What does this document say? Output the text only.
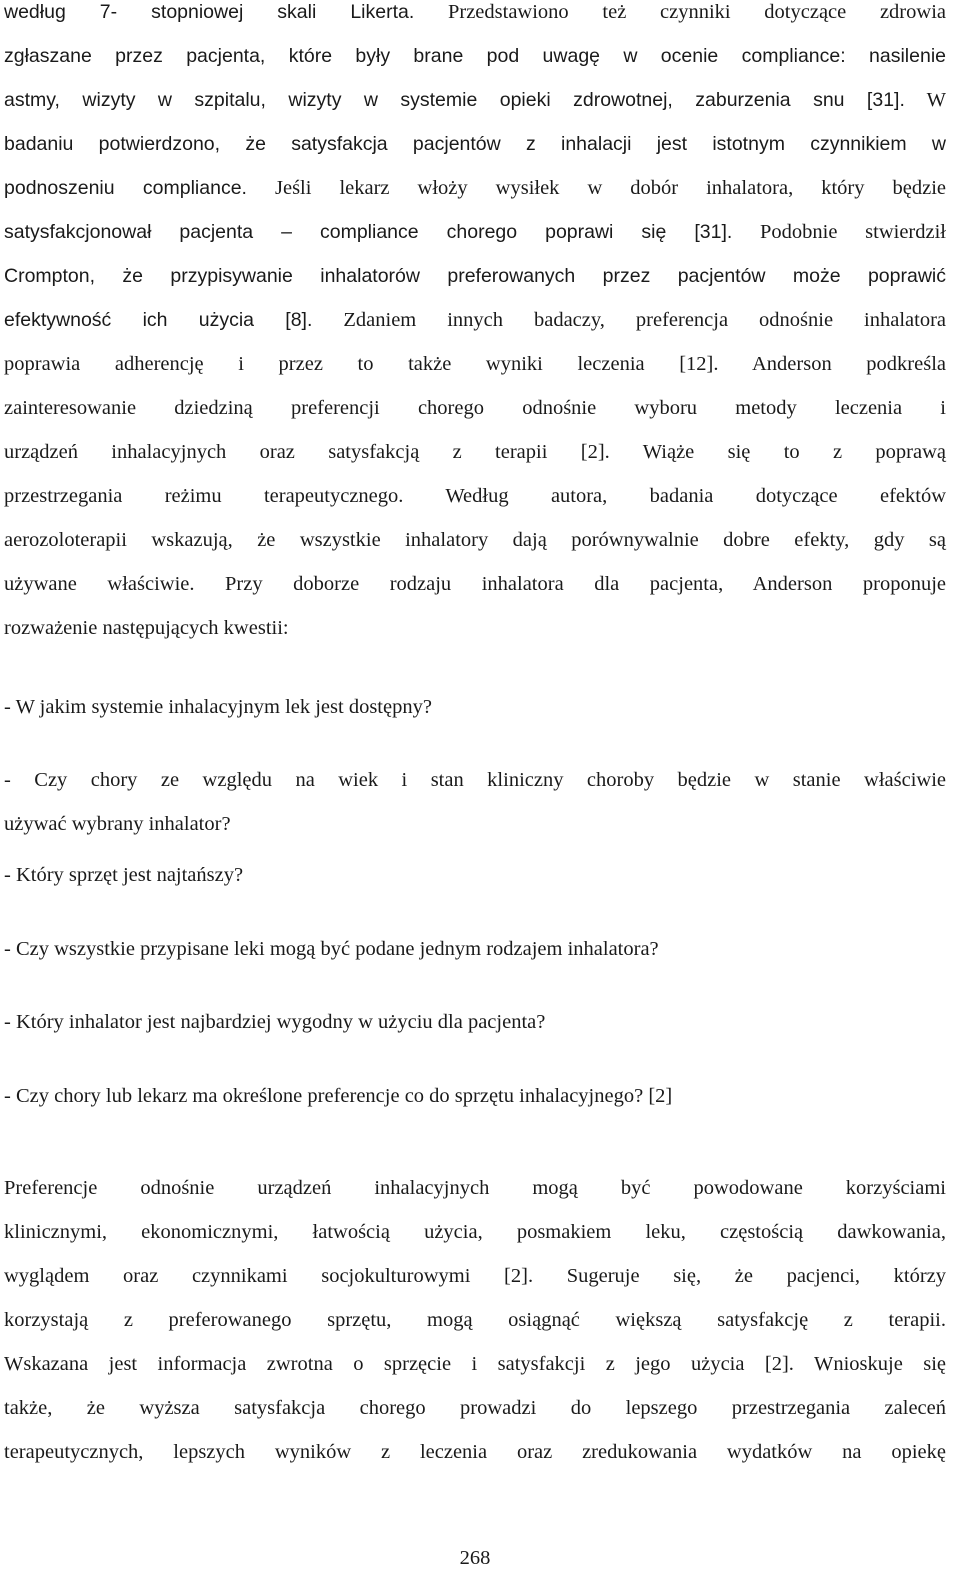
według 7- stopniowej skali Likerta. Przedstawiono też czynniki dotyczące zdrowia
zgłaszane przez pacjenta, które były brane pod uwagę w ocenie compliance: nasilenie
astmy, wizyty w szpitalu, wizyty w systemie opieki zdrowotnej, zaburzenia snu [31]. W
badaniu potwierdzono, że satysfakcja pacjentów z inhalacji jest istotnym czynnikiem w
podnoszeniu compliance. Jeśli lekarz włoży wysiłek w dobór inhalatora, który będzie
satysfakcjonował pacjenta – compliance chorego poprawi się [31]. Podobnie stwierdził
Crompton, że przypisywanie inhalatorów preferowanych przez pacjentów może poprawić
efektywność ich użycia [8]. Zdaniem innych badaczy, preferencja odnośnie inhalatora
poprawia adherencję i przez to także wyniki leczenia [12]. Anderson podkreśla
zainteresowanie dziedziną preferencji chorego odnośnie wyboru metody leczenia i
urządzeń inhalacyjnych oraz satysfakcją z terapii [2]. Wiąże się to z poprawą
przestrzegania reżimu terapeutycznego. Według autora, badania dotyczące efektów
aerozoloterapii wskazują, że wszystkie inhalatory dają porównywalnie dobre efekty, gdy są
używane właściwie. Przy doborze rodzaju inhalatora dla pacjenta, Anderson proponuje
rozważenie następujących kwestii:
- W jakim systemie inhalacyjnym lek jest dostępny?
- Czy chory ze względu na wiek i stan kliniczny choroby będzie w stanie właściwie
używać wybrany inhalator?
- Który sprzęt jest najtańszy?
- Czy wszystkie przypisane leki mogą być podane jednym rodzajem inhalatora?
- Który inhalator jest najbardziej wygodny w użyciu dla pacjenta?
- Czy chory lub lekarz ma określone preferencje co do sprzętu inhalacyjnego? [2]
Preferencje odnośnie urządzeń inhalacyjnych mogą być powodowane korzyściami
klinicznymi, ekonomicznymi, łatwością użycia, posmakiem leku, częstością dawkowania,
wyglądem oraz czynnikami socjokulturowymi [2]. Sugeruje się, że pacjenci, którzy
korzystają z preferowanego sprzętu, mogą osiągnąć większą satysfakcję z terapii.
Wskazana jest informacja zwrotna o sprzęcie i satysfakcji z jego użycia [2]. Wnioskuje się
także, że wyższa satysfakcja chorego prowadzi do lepszego przestrzegania zaleceń
terapeutycznych, lepszych wyników z leczenia oraz zredukowania wydatków na opiekę
268
